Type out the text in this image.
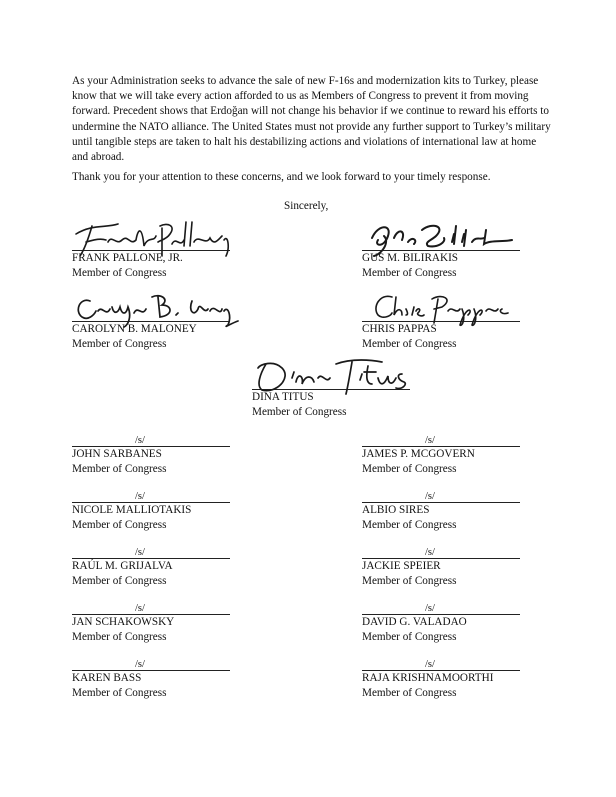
As your Administration seeks to advance the sale of new F-16s and modernization kits to Turkey, please know that we will take every action afforded to us as Members of Congress to prevent it from moving forward. Precedent shows that Erdoğan will not change his behavior if we continue to reward his efforts to undermine the NATO alliance. The United States must not provide any further support to Turkey’s military until tangible steps are taken to halt his destabilizing actions and violations of international law at home and abroad.

Thank you for your attention to these concerns, and we look forward to your timely response.

Sincerely,
FRANK PALLONE, JR.
Member of Congress
GUS M. BILIRAKIS
Member of Congress
CAROLYN B. MALONEY
Member of Congress
CHRIS PAPPAS
Member of Congress
DINA TITUS
Member of Congress
/s/
JOHN SARBANES
Member of Congress
/s/
JAMES P. MCGOVERN
Member of Congress
/s/
NICOLE MALLIOTAKIS
Member of Congress
/s/
ALBIO SIRES
Member of Congress
/s/
RAÚL M. GRIJALVA
Member of Congress
/s/
JACKIE SPEIER
Member of Congress
/s/
JAN SCHAKOWSKY
Member of Congress
/s/
DAVID G. VALADAO
Member of Congress
/s/
KAREN BASS
Member of Congress
/s/
RAJA KRISHNAMOORTHI
Member of Congress
